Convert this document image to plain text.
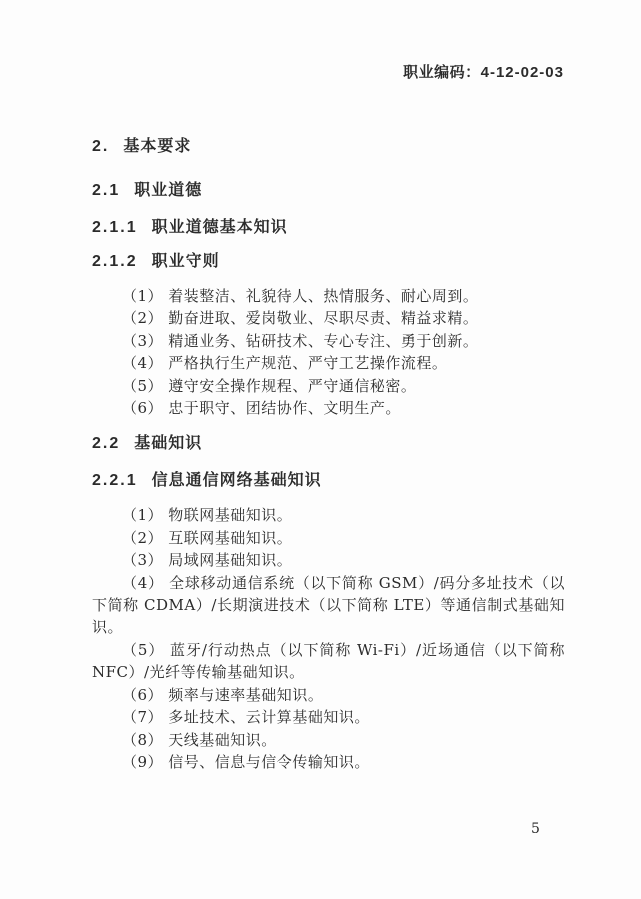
职业编码：4-12-02-03

2. 基本要求

2.1 职业道德

2.1.1 职业道德基本知识

2.1.2 职业守则

（1） 着装整洁、礼貌待人、热情服务、耐心周到。

（2） 勤奋进取、爱岗敬业、尽职尽责、精益求精。

（3） 精通业务、钻研技术、专心专注、勇于创新。

（4） 严格执行生产规范、严守工艺操作流程。

（5） 遵守安全操作规程、严守通信秘密。

（6） 忠于职守、团结协作、文明生产。

2.2 基础知识

2.2.1 信息通信网络基础知识

（1） 物联网基础知识。

（2） 互联网基础知识。

（3） 局域网基础知识。

（4） 全球移动通信系统（以下简称 GSM）/码分多址技术（以下简称 CDMA）/长期演进技术（以下简称 LTE）等通信制式基础知识。

（5） 蓝牙/行动热点（以下简称 Wi-Fi）/近场通信（以下简称 NFC）/光纤等传输基础知识。

（6） 频率与速率基础知识。

（7） 多址技术、云计算基础知识。

（8） 天线基础知识。

（9） 信号、信息与信令传输知识。

5
